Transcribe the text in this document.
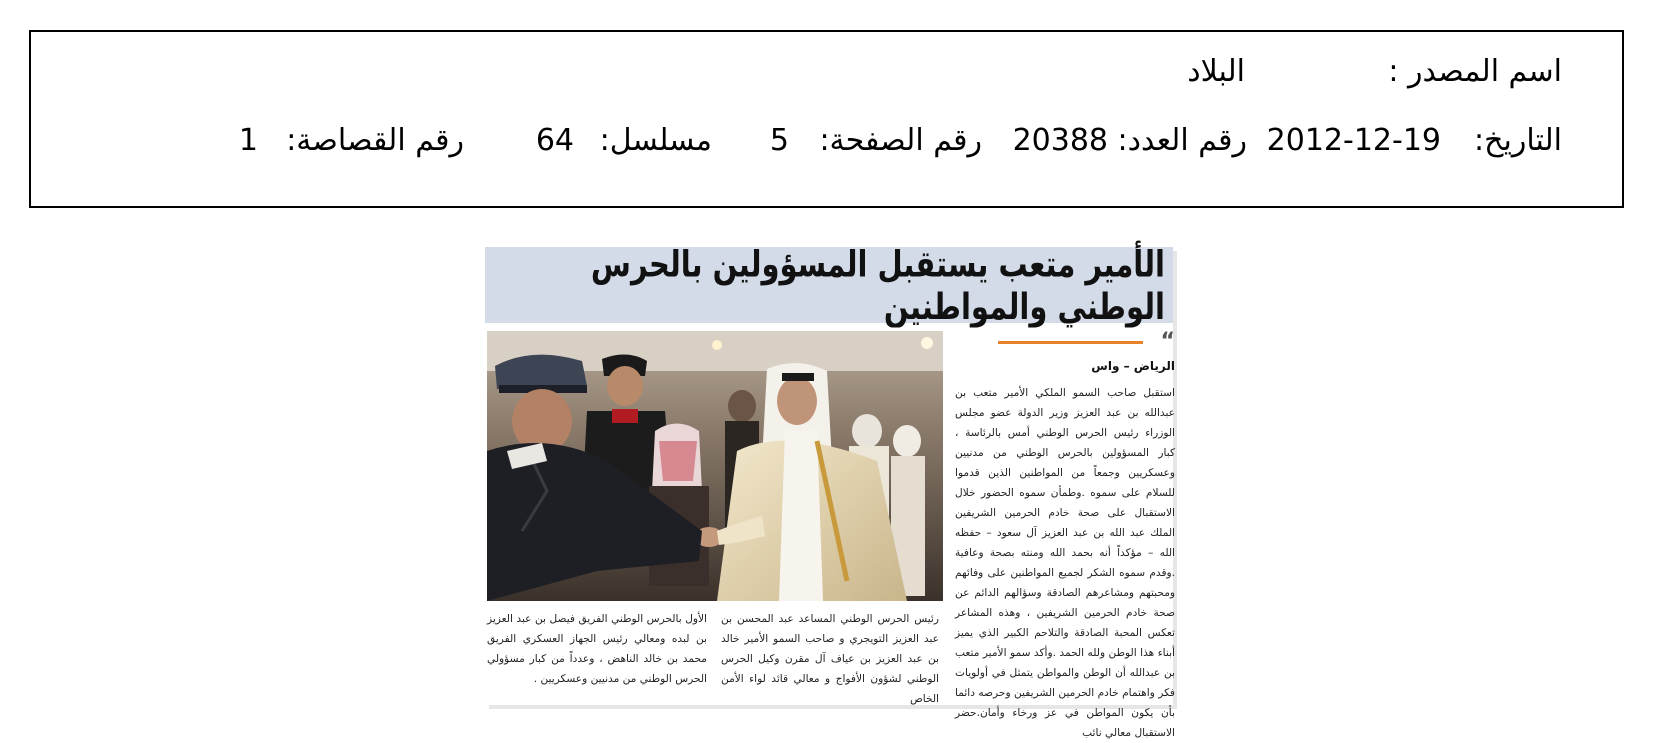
اسم المصدر :
البلاد
التاريخ:
2012-12-19
رقم العدد:
20388
رقم الصفحة:
5
مسلسل:
64
رقم القصاصة:
1
الأمير متعب يستقبل المسؤولين بالحرس الوطني والمواطنين
“
الرياض – واس
استقبل صاحب السمو الملكي الأمير متعب بن عبدالله بن عبد العزيز وزير الدولة عضو مجلس الوزراء رئيس الحرس الوطني أمس بالرئاسة ، كبار المسؤولين بالحرس الوطني من مدنيين وعسكريين وجمعاً من المواطنين الذين قدموا للسلام على سموه .وطمأن سموه الحضور خلال الاستقبال على صحة خادم الحرمين الشريفين الملك عبد الله بن عبد العزيز آل سعود – حفظه الله – مؤكداً أنه بحمد الله ومنته بصحة وعافية .وقدم سموه الشكر لجميع المواطنين على وفائهم ومحبتهم ومشاعرهم الصادقة وسؤالهم الدائم عن صحة خادم الحرمين الشريفين ، وهذه المشاعر تعكس المحبة الصادقة والتلاحم الكبير الذي يميز أبناء هذا الوطن ولله الحمد .وأكد سمو الأمير متعب بن عبدالله أن الوطن والمواطن يتمثل في أولويات فكر واهتمام خادم الحرمين الشريفين وحرصه دائما بأن يكون المواطن في عز ورخاء وأمان.حضر الاستقبال معالي نائب
رئيس الحرس الوطني المساعد عبد المحسن بن عبد العزيز التويجري و صاحب السمو الأمير خالد بن عبد العزيز بن عياف آل مقرن وكيل الحرس الوطني لشؤون الأفواج و معالي قائد لواء الأمن الخاص
الأول بالحرس الوطني الفريق فيصل بن عبد العزيز بن لبده ومعالي رئيس الجهاز العسكري الفريق محمد بن خالد الناهض ، وعدداً من كبار مسؤولي الحرس الوطني من مدنيين وعسكريين .
